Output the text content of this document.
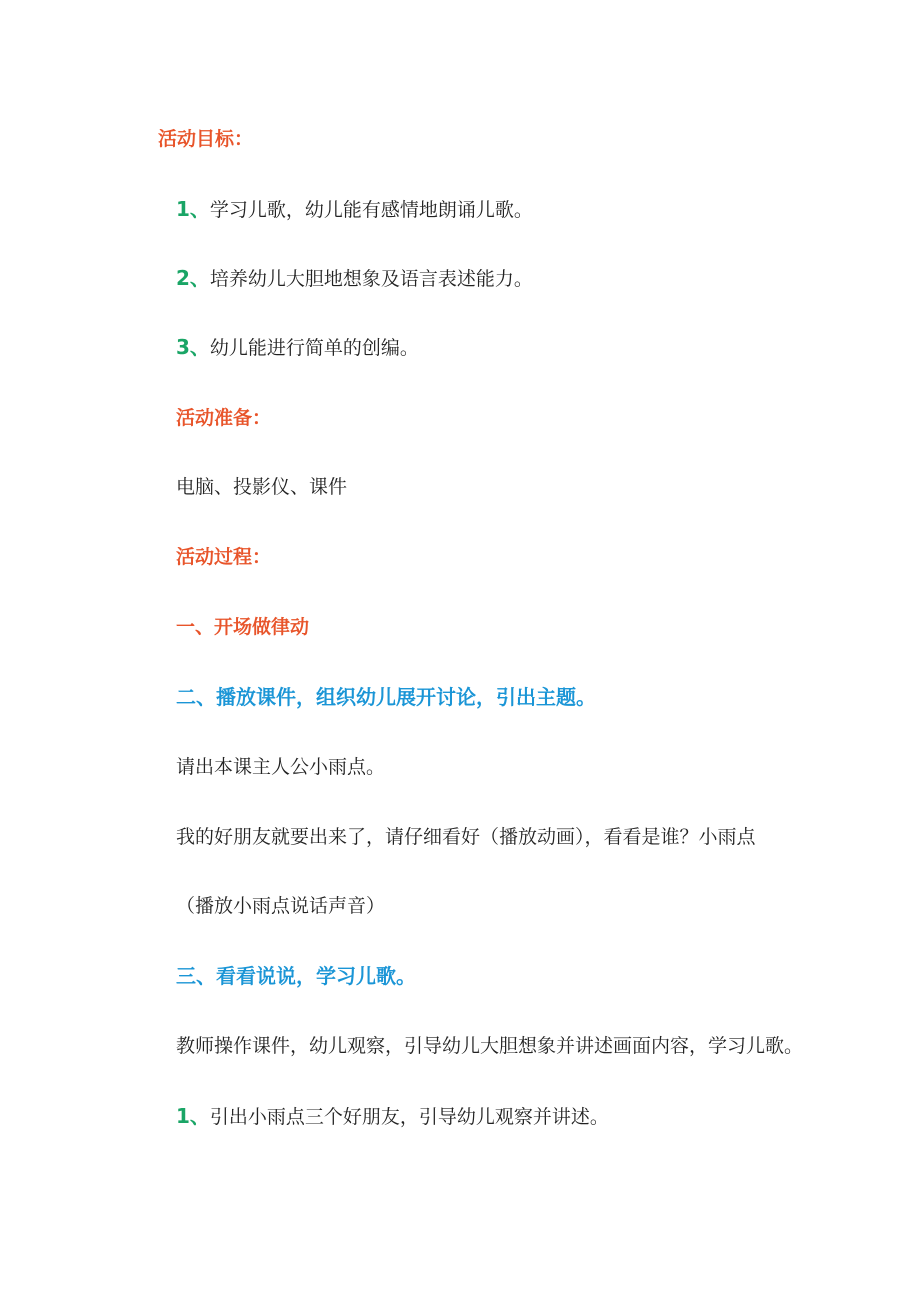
活动目标：
1、学习儿歌，幼儿能有感情地朗诵儿歌。
2、培养幼儿大胆地想象及语言表述能力。
3、幼儿能进行简单的创编。
活动准备：
电脑、投影仪、课件
活动过程：
一、开场做律动
二、播放课件，组织幼儿展开讨论，引出主题。
请出本课主人公小雨点。
我的好朋友就要出来了，请仔细看好（播放动画），看看是谁？小雨点
（播放小雨点说话声音）
三、看看说说，学习儿歌。
教师操作课件，幼儿观察，引导幼儿大胆想象并讲述画面内容，学习儿歌。
1、引出小雨点三个好朋友，引导幼儿观察并讲述。
